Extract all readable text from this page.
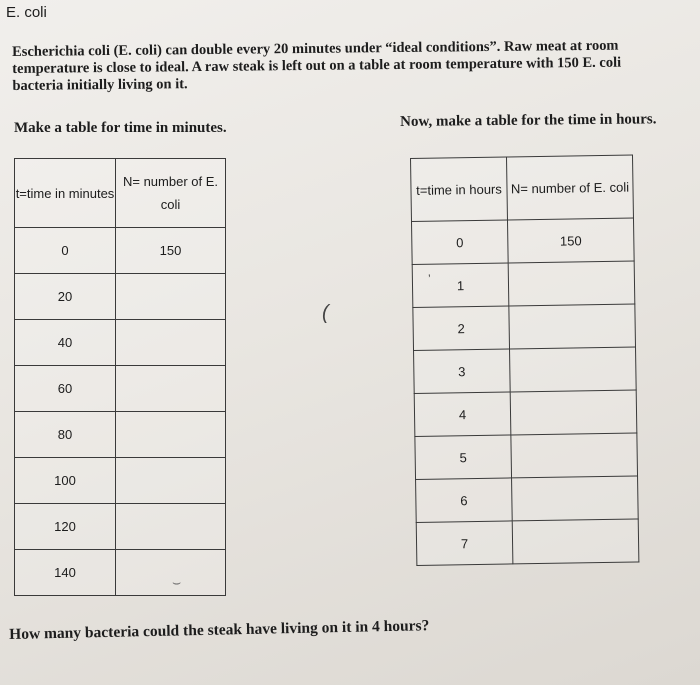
E. coli
Escherichia coli (E. coli) can double every 20 minutes under “ideal conditions”. Raw meat at room temperature is close to ideal. A raw steak is left out on a table at room temperature with 150 E. coli bacteria initially living on it.
Make a table for time in minutes.	Now, make a table for the time in hours.
t=time in minutes	N= number of E. coli
0	150
20	
40	
60	
80	
100	
120	
140	
t=time in hours	N= number of E. coli
0	150
1	
2	
3	
4	
5	
6	
7	
(
’
⌣
How many bacteria could the steak have living on it in 4 hours?
